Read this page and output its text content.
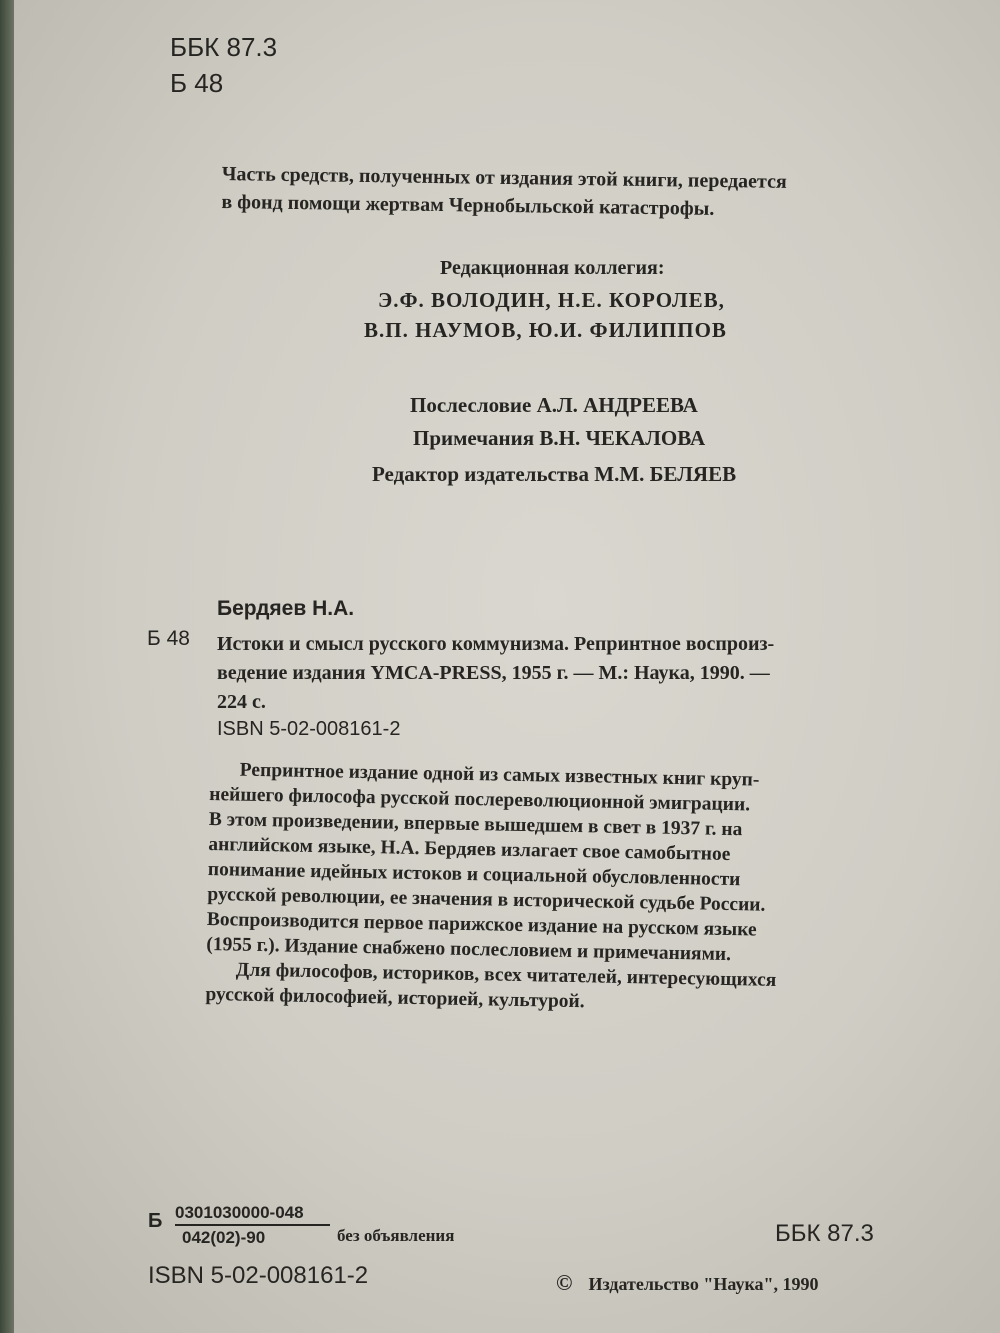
ББК 87.3
Б 48
Часть средств, полученных от издания этой книги, передается
в фонд помощи жертвам Чернобыльской катастрофы.
Редакционная коллегия:
Э.Ф. ВОЛОДИН, Н.Е. КОРОЛЕВ,
В.П. НАУМОВ, Ю.И. ФИЛИППОВ
Послесловие А.Л. АНДРЕЕВА
Примечания В.Н. ЧЕКАЛОВА
Редактор издательства М.М. БЕЛЯЕВ
Бердяев Н.А.
Б 48 Истоки и смысл русского коммунизма. Репринтное воспроиз-
ведение издания YMCA-PRESS, 1955 г. — М.: Наука, 1990. —
224 с.
ISBN 5-02-008161-2
Репринтное издание одной из самых известных книг круп-
нейшего философа русской послереволюционной эмиграции.
В этом произведении, впервые вышедшем в свет в 1937 г. на
английском языке, Н.А. Бердяев излагает свое самобытное
понимание идейных истоков и социальной обусловленности
русской революции, ее значения в исторической судьбе России.
Воспроизводится первое парижское издание на русском языке
(1955 г.). Издание снабжено послесловием и примечаниями.
Для философов, историков, всех читателей, интересующихся
русской философией, историей, культурой.
Б 0301030000-048
042(02)-90	без объявления	ББК 87.3
ISBN 5-02-008161-2	© Издательство "Наука", 1990
